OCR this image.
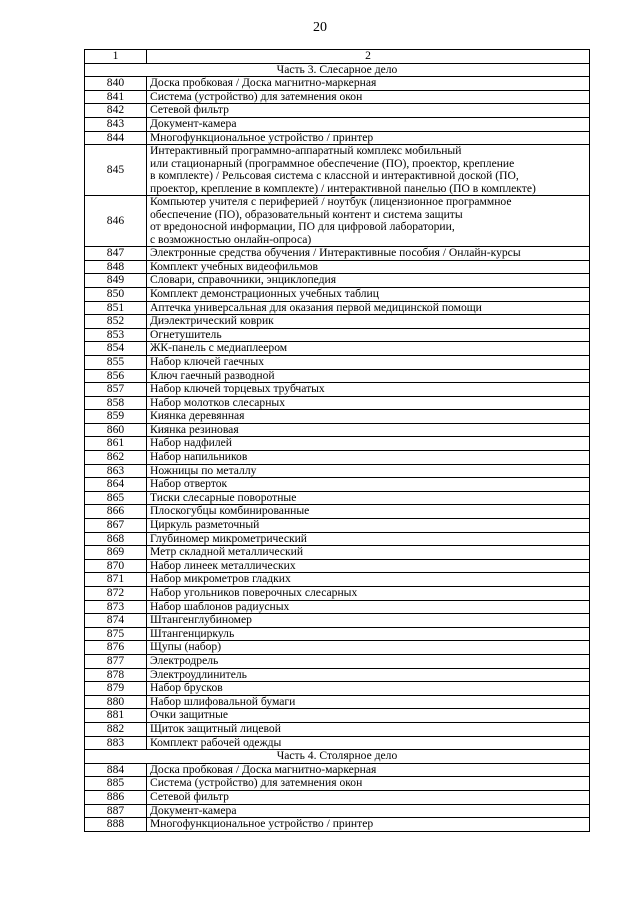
20
1	2
Часть 3. Слесарное дело	
840	Доска пробковая / Доска магнитно-маркерная
841	Система (устройство) для затемнения окон
842	Сетевой фильтр
843	Документ-камера
844	Многофункциональное устройство / принтер
845	Интерактивный программно-аппаратный комплекс мобильный
или стационарный (программное обеспечение (ПО), проектор, крепление
в комплекте) / Рельсовая система с классной и интерактивной доской (ПО,
проектор, крепление в комплекте) / интерактивной панелью (ПО в комплекте)

846	Компьютер учителя с периферией / ноутбук (лицензионное программное
обеспечение (ПО), образовательный контент и система защиты
от вредоносной информации, ПО для цифровой лаборатории,
с возможностью онлайн-опроса)

847	Электронные средства обучения / Интерактивные пособия / Онлайн-курсы
848	Комплект учебных видеофильмов
849	Словари, справочники, энциклопедия
850	Комплект демонстрационных учебных таблиц
851	Аптечка универсальная для оказания первой медицинской помощи
852	Диэлектрический коврик
853	Огнетушитель
854	ЖК-панель с медиаплеером
855	Набор ключей гаечных
856	Ключ гаечный разводной
857	Набор ключей торцевых трубчатых
858	Набор молотков слесарных
859	Киянка деревянная
860	Киянка резиновая
861	Набор надфилей
862	Набор напильников
863	Ножницы по металлу
864	Набор отверток
865	Тиски слесарные поворотные
866	Плоскогубцы комбинированные
867	Циркуль разметочный
868	Глубиномер микрометрический
869	Метр складной металлический
870	Набор линеек металлических
871	Набор микрометров гладких
872	Набор угольников поверочных слесарных
873	Набор шаблонов радиусных
874	Штангенглубиномер
875	Штангенциркуль
876	Щупы (набор)
877	Электродрель
878	Электроудлинитель
879	Набор брусков
880	Набор шлифовальной бумаги
881	Очки защитные
882	Щиток защитный лицевой
883	Комплект рабочей одежды
Часть 4. Столярное дело	
884	Доска пробковая / Доска магнитно-маркерная
885	Система (устройство) для затемнения окон
886	Сетевой фильтр
887	Документ-камера
888	Многофункциональное устройство / принтер
